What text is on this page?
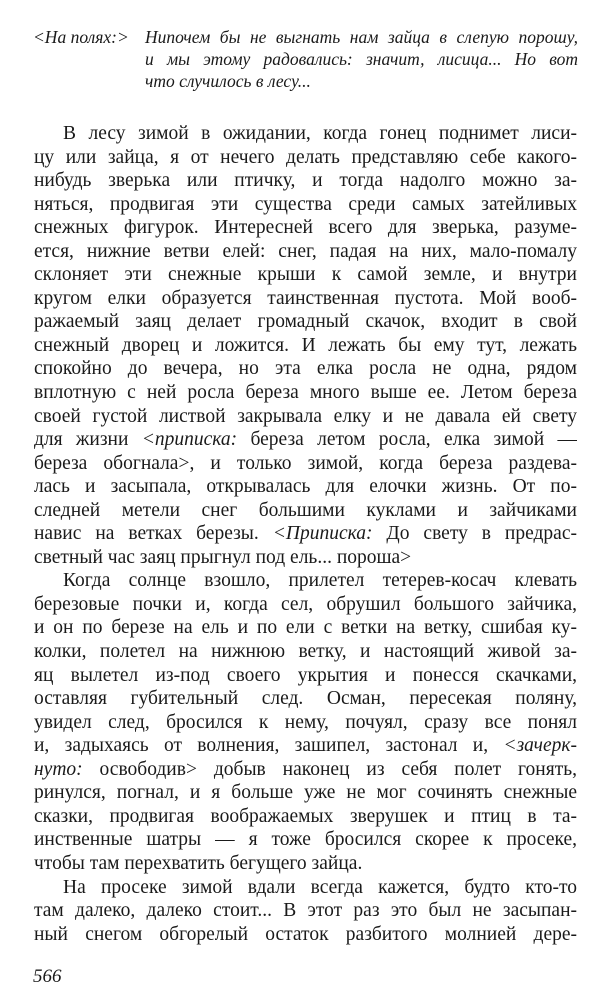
<На полях:> Нипочем бы не выгнать нам зайца в слепую порошу,
и мы этому радовались: значит, лисица... Но вот
что случилось в лесу...
В лесу зимой в ожидании, когда гонец поднимет лиси-
цу или зайца, я от нечего делать представляю себе какого-
нибудь зверька или птичку, и тогда надолго можно за-
няться, продвигая эти существа среди самых затейливых
снежных фигурок. Интересней всего для зверька, разуме-
ется, нижние ветви елей: снег, падая на них, мало-помалу
склоняет эти снежные крыши к самой земле, и внутри
кругом елки образуется таинственная пустота. Мой вооб-
ражаемый заяц делает громадный скачок, входит в свой
снежный дворец и ложится. И лежать бы ему тут, лежать
спокойно до вечера, но эта елка росла не одна, рядом
вплотную с ней росла береза много выше ее. Летом береза
своей густой листвой закрывала елку и не давала ей свету
для жизни <приписка: береза летом росла, елка зимой —
береза обогнала>, и только зимой, когда береза раздева-
лась и засыпала, открывалась для елочки жизнь. От по-
следней метели снег большими куклами и зайчиками
навис на ветках березы. <Приписка: До свету в предрас-
светный час заяц прыгнул под ель... пороша>
Когда солнце взошло, прилетел тетерев-косач клевать
березовые почки и, когда сел, обрушил большого зайчика,
и он по березе на ель и по ели с ветки на ветку, сшибая ку-
колки, полетел на нижнюю ветку, и настоящий живой за-
яц вылетел из-под своего укрытия и понесся скачками,
оставляя губительный след. Осман, пересекая поляну,
увидел след, бросился к нему, почуял, сразу все понял
и, задыхаясь от волнения, зашипел, застонал и, <зачерк-
нуто: освободив> добыв наконец из себя полет гонять,
ринулся, погнал, и я больше уже не мог сочинять снежные
сказки, продвигая воображаемых зверушек и птиц в та-
инственные шатры — я тоже бросился скорее к просеке,
чтобы там перехватить бегущего зайца.
На просеке зимой вдали всегда кажется, будто кто-то
там далеко, далеко стоит... В этот раз это был не засыпан-
ный снегом обгорелый остаток разбитого молнией дере-
566
